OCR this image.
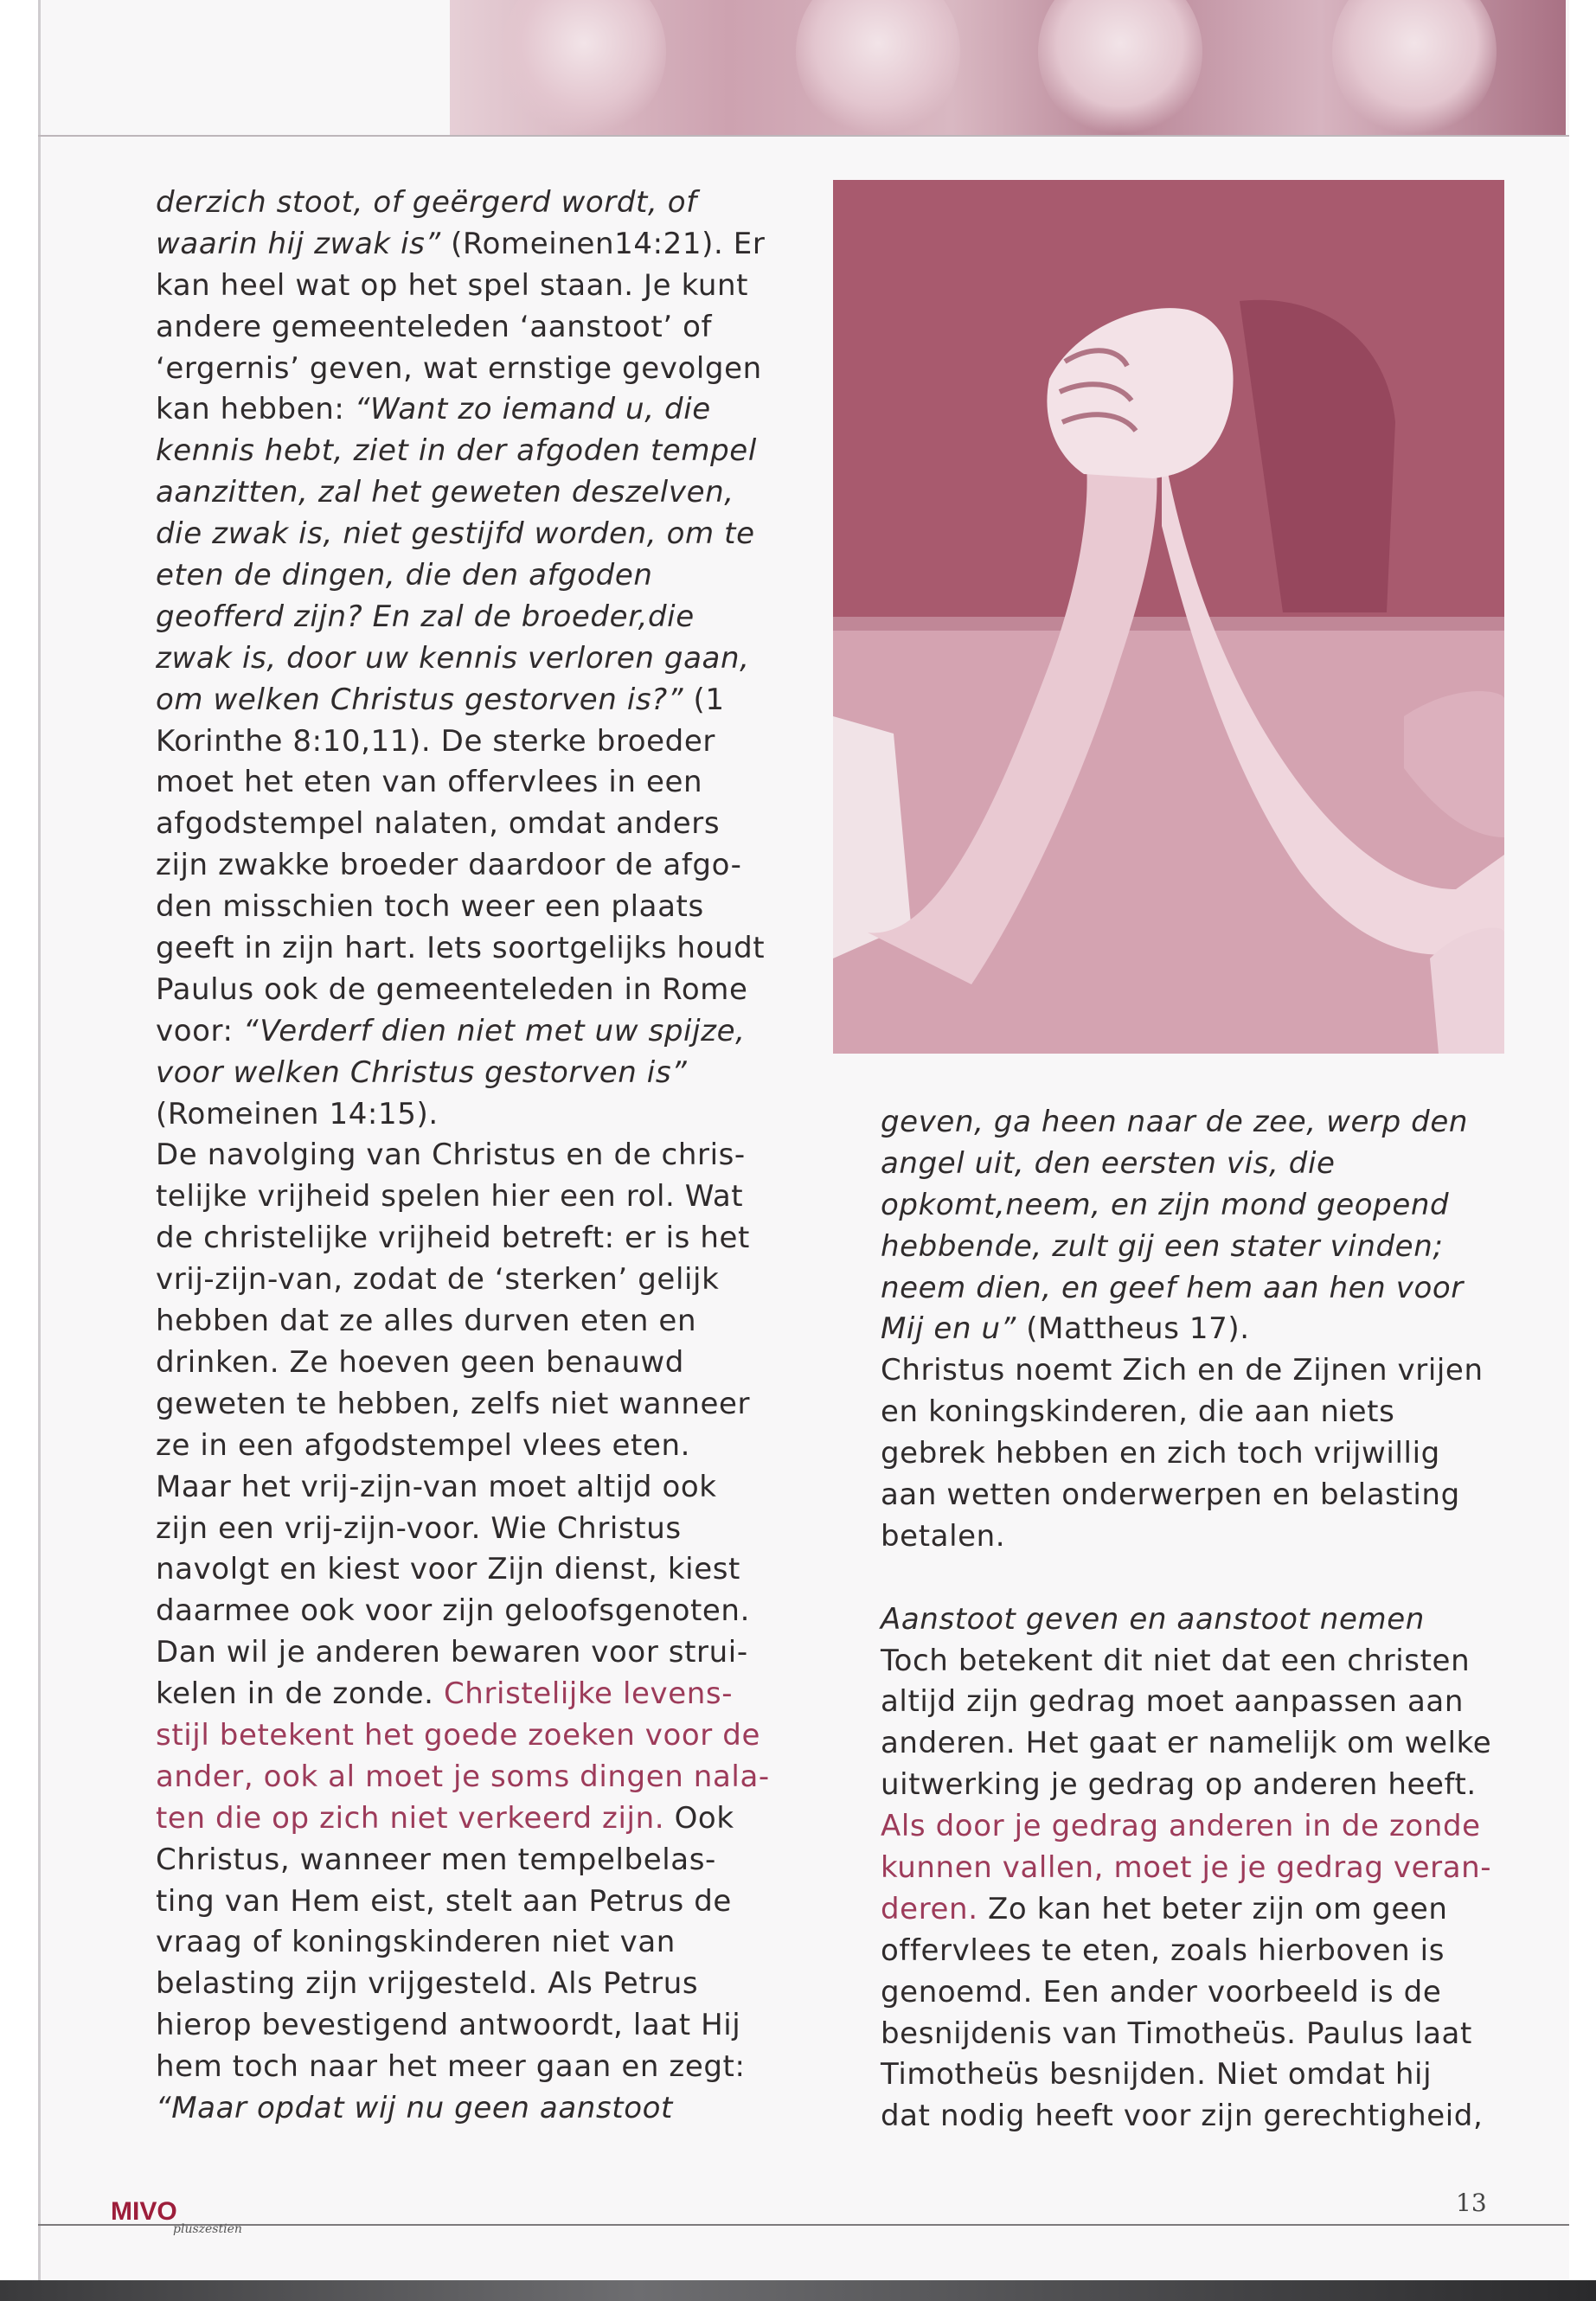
derzich stoot, of geërgerd wordt, of
waarin hij zwak is” (Romeinen14:21). Er
kan heel wat op het spel staan. Je kunt
andere gemeenteleden ‘aanstoot’ of
‘ergernis’ geven, wat ernstige gevolgen
kan hebben: “Want zo iemand u, die
kennis hebt, ziet in der afgoden tempel
aanzitten, zal het geweten deszelven,
die zwak is, niet gestijfd worden, om te
eten de dingen, die den afgoden
geofferd zijn? En zal de broeder,die
zwak is, door uw kennis verloren gaan,
om welken Christus gestorven is?” (1
Korinthe 8:10,11). De sterke broeder
moet het eten van offervlees in een
afgodstempel nalaten, omdat anders
zijn zwakke broeder daardoor de afgo-
den misschien toch weer een plaats
geeft in zijn hart. Iets soortgelijks houdt
Paulus ook de gemeenteleden in Rome
voor: “Verderf dien niet met uw spijze,
voor welken Christus gestorven is”
(Romeinen 14:15).
De navolging van Christus en de chris-
telijke vrijheid spelen hier een rol. Wat
de christelijke vrijheid betreft: er is het
vrij-zijn-van, zodat de ‘sterken’ gelijk
hebben dat ze alles durven eten en
drinken. Ze hoeven geen benauwd
geweten te hebben, zelfs niet wanneer
ze in een afgodstempel vlees eten.
Maar het vrij-zijn-van moet altijd ook
zijn een vrij-zijn-voor. Wie Christus
navolgt en kiest voor Zijn dienst, kiest
daarmee ook voor zijn geloofsgenoten.
Dan wil je anderen bewaren voor strui-
kelen in de zonde. Christelijke levens-
stijl betekent het goede zoeken voor de
ander, ook al moet je soms dingen nala-
ten die op zich niet verkeerd zijn. Ook
Christus, wanneer men tempelbelas-
ting van Hem eist, stelt aan Petrus de
vraag of koningskinderen niet van
belasting zijn vrijgesteld. Als Petrus
hierop bevestigend antwoordt, laat Hij
hem toch naar het meer gaan en zegt:
“Maar opdat wij nu geen aanstoot
geven, ga heen naar de zee, werp den
angel uit, den eersten vis, die
opkomt,neem, en zijn mond geopend
hebbende, zult gij een stater vinden;
neem dien, en geef hem aan hen voor
Mij en u” (Mattheus 17).
Christus noemt Zich en de Zijnen vrijen
en koningskinderen, die aan niets
gebrek hebben en zich toch vrijwillig
aan wetten onderwerpen en belasting
betalen.
Aanstoot geven en aanstoot nemen
Toch betekent dit niet dat een christen
altijd zijn gedrag moet aanpassen aan
anderen. Het gaat er namelijk om welke
uitwerking je gedrag op anderen heeft.
Als door je gedrag anderen in de zonde
kunnen vallen, moet je je gedrag veran-
deren. Zo kan het beter zijn om geen
offervlees te eten, zoals hierboven is
genoemd. Een ander voorbeeld is de
besnijdenis van Timotheüs. Paulus laat
Timotheüs besnijden. Niet omdat hij
dat nodig heeft voor zijn gerechtigheid,
MIVO
pluszestien
13
